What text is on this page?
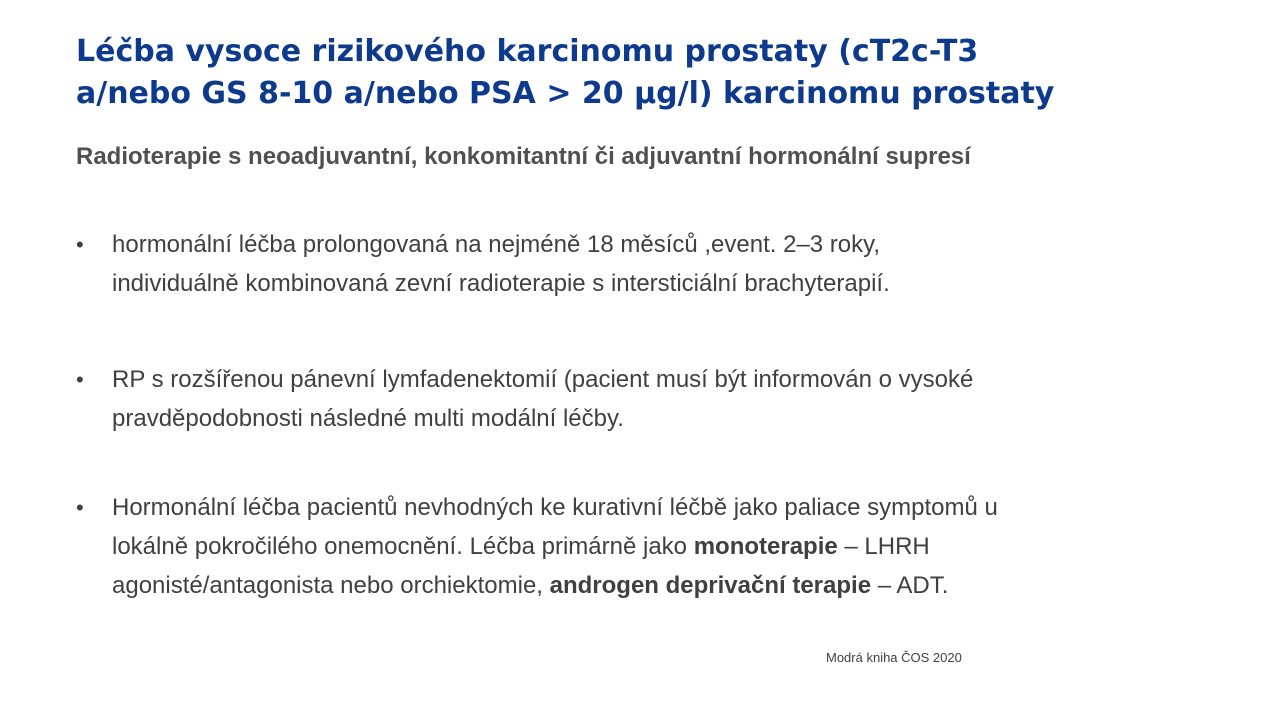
Léčba vysoce rizikového karcinomu prostaty (cT2c-T3
a/nebo GS 8-10 a/nebo PSA > 20 μg/l) karcinomu prostaty
Radioterapie s neoadjuvantní, konkomitantní či adjuvantní hormonální supresí
• hormonální léčba prolongovaná na nejméně 18 měsíců ,event. 2–3 roky,
individuálně kombinovaná zevní radioterapie s intersticiální brachyterapií.
• RP s rozšířenou pánevní lymfadenektomií (pacient musí být informován o vysoké
pravděpodobnosti následné multi modální léčby.
• Hormonální léčba pacientů nevhodných ke kurativní léčbě jako paliace symptomů u
lokálně pokročilého onemocnění. Léčba primárně jako monoterapie – LHRH
agonisté/antagonista nebo orchiektomie, androgen deprivační terapie – ADT.
Modrá kniha ČOS 2020
